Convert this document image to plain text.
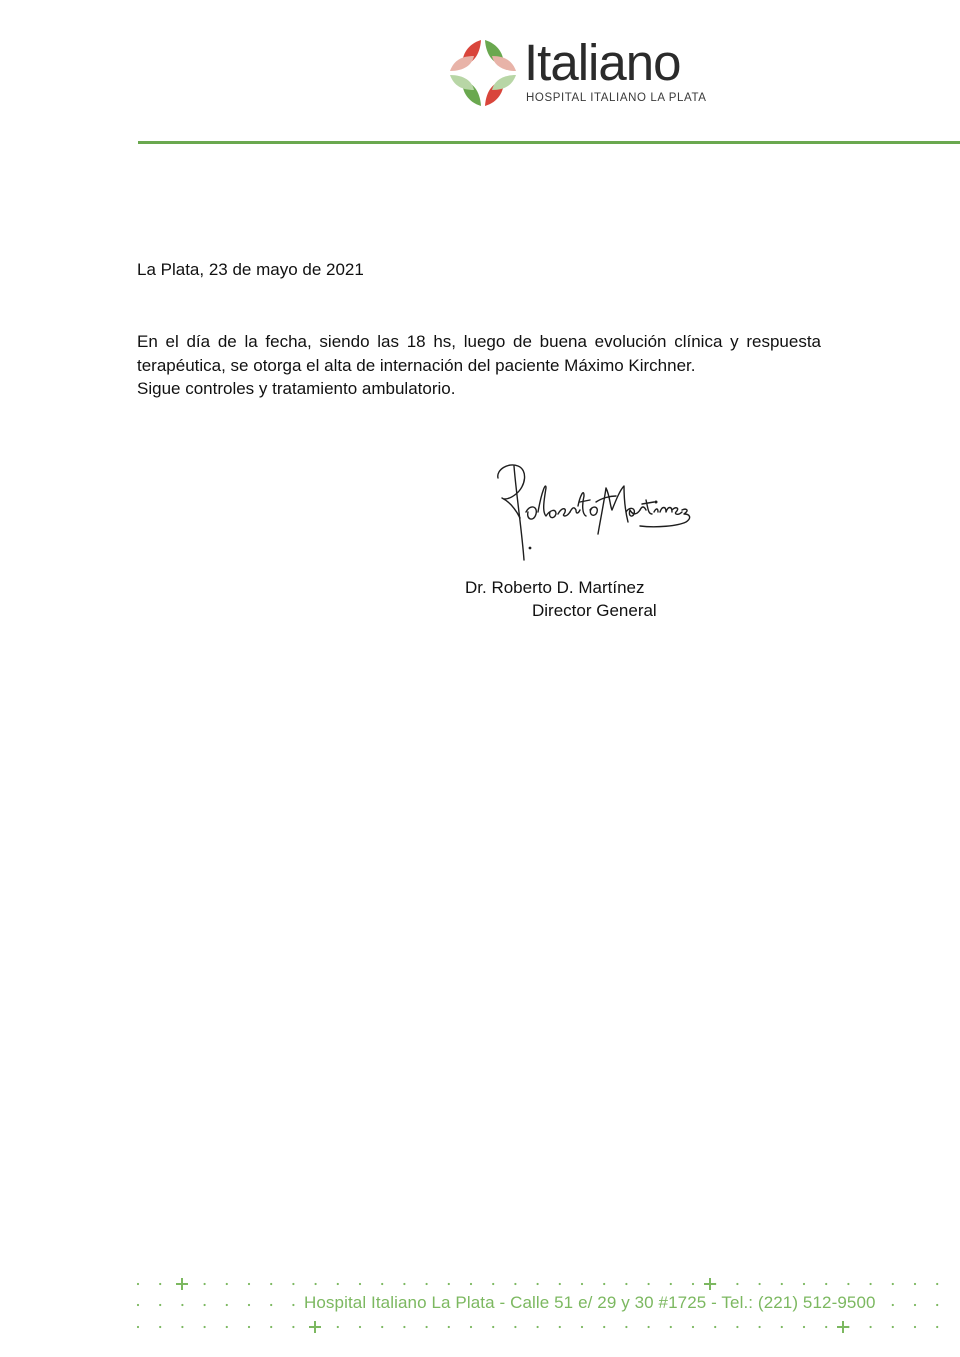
Italiano
HOSPITAL ITALIANO LA PLATA
La Plata, 23 de mayo de 2021

En el día de la fecha, siendo las 18 hs, luego de buena evolución clínica y respuesta

terapéutica, se otorga el alta de internación del paciente Máximo Kirchner.

Sigue controles y tratamiento ambulatorio.

Dr. Roberto D. Martínez
Director General
Hospital Italiano La Plata - Calle 51 e/ 29 y 30 #1725 - Tel.: (221) 512-9500
